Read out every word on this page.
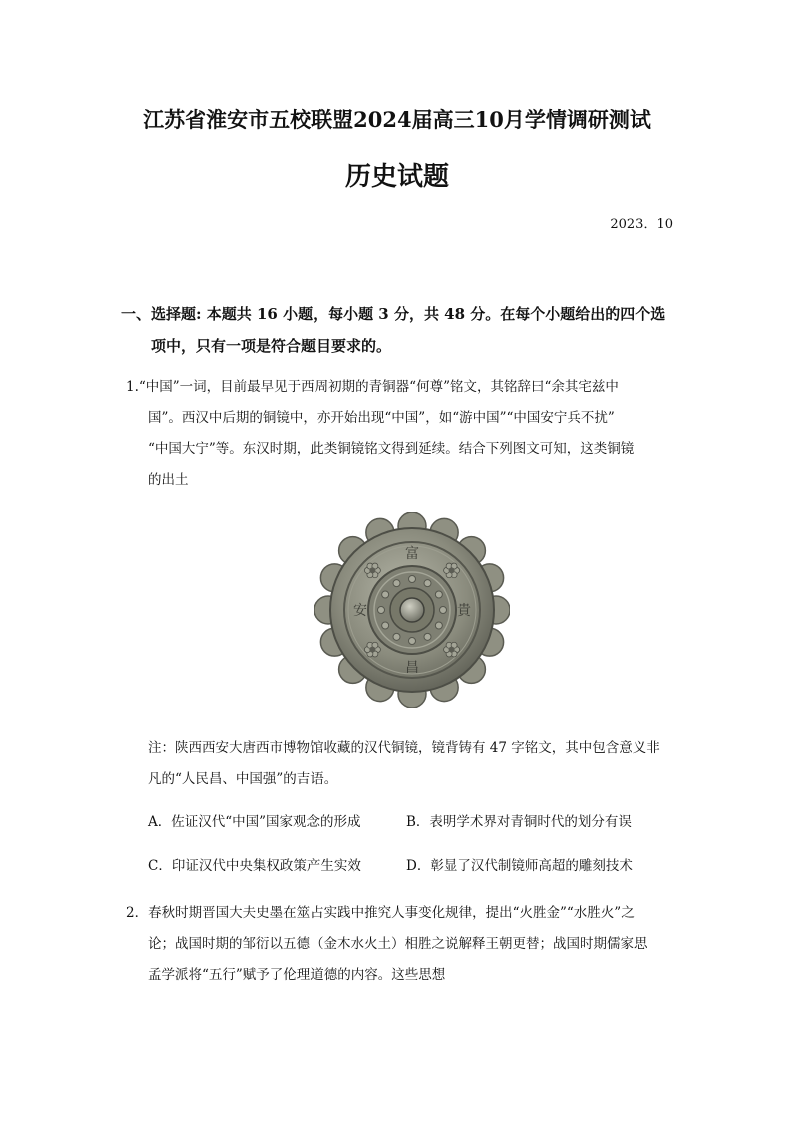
江苏省淮安市五校联盟2024届高三10月学情调研测试
历史试题
2023．10
一、选择题: 本题共 16 小题，每小题 3 分，共 48 分。在每个小题给出的四个选
项中，只有一项是符合题目要求的。
1.“中国”一词，目前最早见于西周初期的青铜器“何尊”铭文，其铭辞曰“余其宅兹中
国”。西汉中后期的铜镜中，亦开始出现“中国”，如“游中国”“中国安宁兵不扰”
“中国大宁”等。东汉时期，此类铜镜铭文得到延续。结合下列图文可知，这类铜镜
的出土
富
貴
昌
安
注：陕西西安大唐西市博物馆收藏的汉代铜镜，镜背铸有 47 字铭文，其中包含意义非
凡的“人民昌、中国强”的吉语。
A．佐证汉代“中国”国家观念的形成	B．表明学术界对青铜时代的划分有误
C．印证汉代中央集权政策产生实效	D．彰显了汉代制镜师高超的雕刻技术
2．春秋时期晋国大夫史墨在筮占实践中推究人事变化规律，提出“火胜金”“水胜火”之
论；战国时期的邹衍以五德（金木水火土）相胜之说解释王朝更替；战国时期儒家思
孟学派将“五行”赋予了伦理道德的内容。这些思想
